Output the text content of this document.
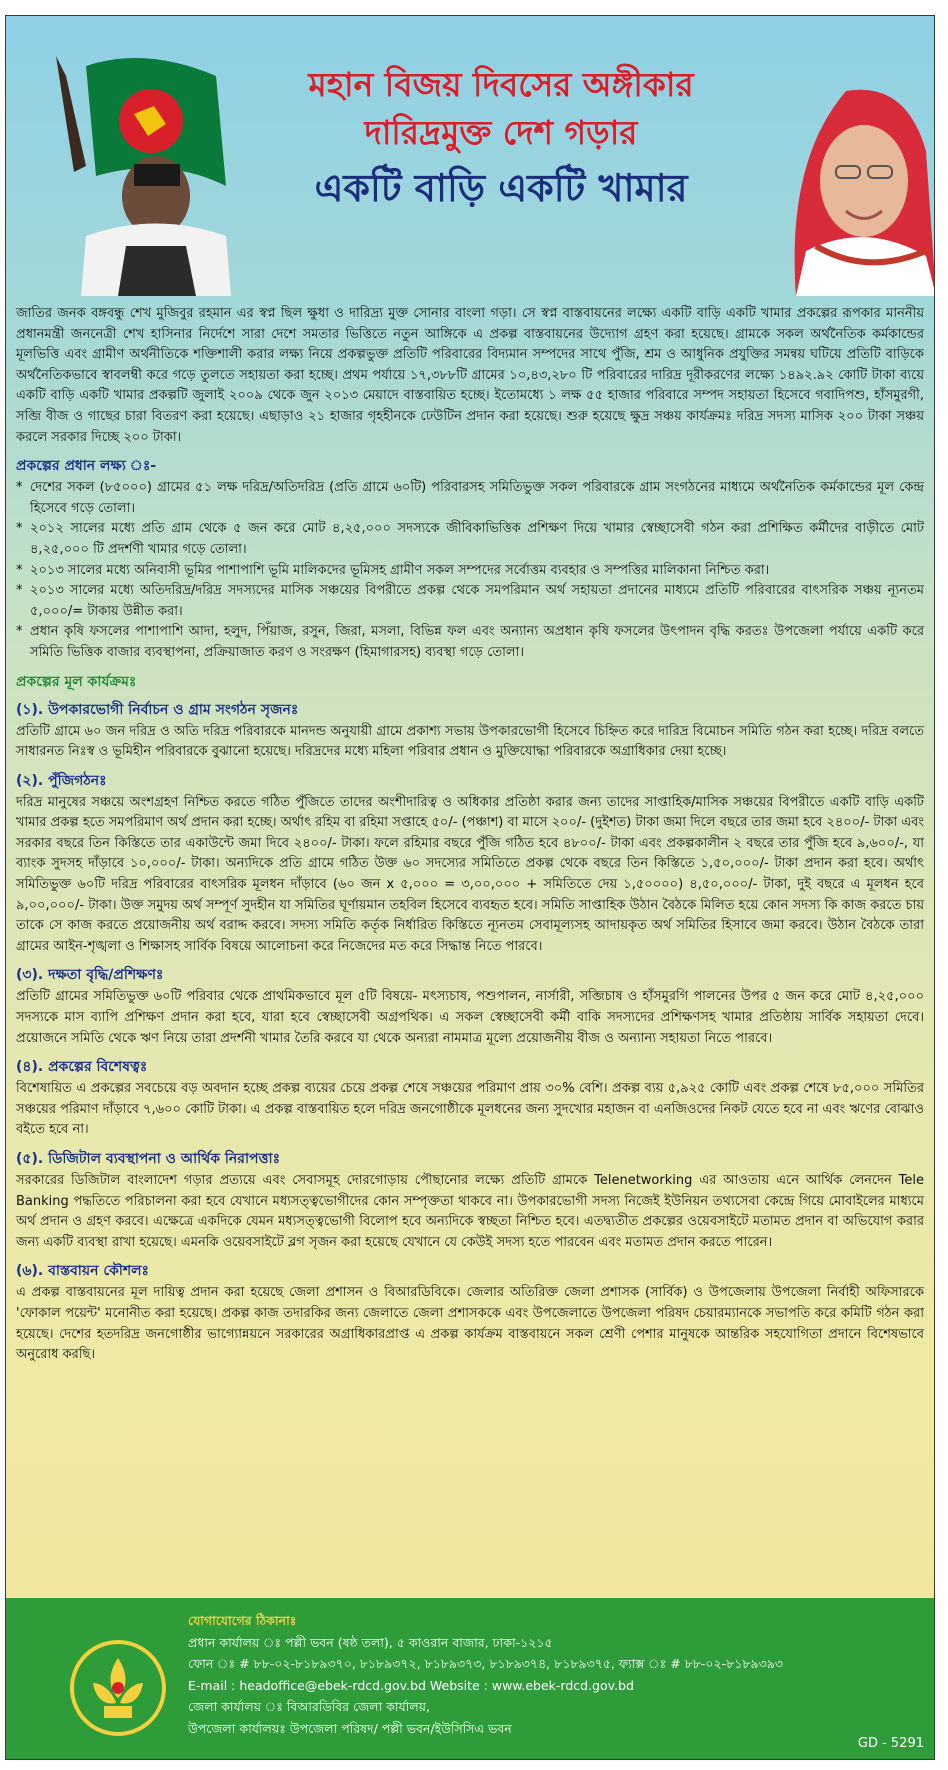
মহান বিজয় দিবসের অঙ্গীকার
দারিদ্রমুক্ত দেশ গড়ার
একটি বাড়ি একটি খামার

জাতির জনক বঙ্গবন্ধু শেখ মুজিবুর রহমান এর স্বপ্ন ছিল ক্ষুধা ও দারিদ্র্য মুক্ত সোনার বাংলা গড়া। সে স্বপ্ন বাস্তবায়নের লক্ষ্যে একটি বাড়ি একটি খামার প্রকল্পের রূপকার মাননীয় প্রধানমন্ত্রী জননেত্রী শেখ হাসিনার নির্দেশে সারা দেশে সমতার ভিত্তিতে নতুন আঙ্গিকে এ প্রকল্প বাস্তবায়নের উদ্যোগ গ্রহণ করা হয়েছে। গ্রামকে সকল অর্থনৈতিক কর্মকান্ডের মূলভিত্তি এবং গ্রামীণ অর্থনীতিকে শক্তিশালী করার লক্ষ্য নিয়ে প্রকল্পভুক্ত প্রতিটি পরিবারের বিদ্যমান সম্পদের সাথে পুঁজি, শ্রম ও আধুনিক প্রযুক্তির সমন্বয় ঘটিয়ে প্রতিটি বাড়িকে অর্থনৈতিকভাবে স্বাবলম্বী করে গড়ে তুলতে সহায়তা করা হচ্ছে। প্রথম পর্যায়ে ১৭,৩৮৮টি গ্রামের ১০,৪৩,২৮০ টি পরিবারের দারিদ্র দূরীকরণের লক্ষ্যে ১৪৯২.৯২ কোটি টাকা ব্যয়ে একটি বাড়ি একটি খামার প্রকল্পটি জুলাই ২০০৯ থেকে জুন ২০১৩ মেয়াদে বাস্তবায়িত হচ্ছে। ইতোমধ্যে ১ লক্ষ ৫৫ হাজার পরিবারে সম্পদ সহায়তা হিসেবে গবাদিপশু, হাঁসমুরগী, সব্জি বীজ ও গাছের চারা বিতরণ করা হয়েছে। এছাড়াও ২১ হাজার গৃহহীনকে ঢেউটিন প্রদান করা হয়েছে। শুরু হয়েছে ক্ষুদ্র সঞ্চয় কার্যক্রমঃ দরিদ্র সদস্য মাসিক ২০০ টাকা সঞ্চয় করলে সরকার দিচ্ছে ২০০ টাকা।

প্রকল্পের প্রধান লক্ষ্য ঃ-
* দেশের সকল (৮৫০০০) গ্রামের ৫১ লক্ষ দরিদ্র/অতিদরিদ্র (প্রতি গ্রামে ৬০টি) পরিবারসহ সমিতিভুক্ত সকল পরিবারকে গ্রাম সংগঠনের মাধ্যমে অর্থনৈতিক কর্মকান্ডের মূল কেন্দ্র হিসেবে গড়ে তোলা।
* ২০১২ সালের মধ্যে প্রতি গ্রাম থেকে ৫ জন করে মোট ৪,২৫,০০০ সদস্যকে জীবিকাভিত্তিক প্রশিক্ষণ দিয়ে খামার স্বেচ্ছাসেবী গঠন করা প্রশিক্ষিত কর্মীদের বাড়ীতে মোট ৪,২৫,০০০ টি প্রদর্শণী খামার গড়ে তোলা।
* ২০১৩ সালের মধ্যে অনিবাসী ভূমির পাশাপাশি ভূমি মালিকদের ভূমিসহ গ্রামীণ সকল সম্পদের সর্বোত্তম ব্যবহার ও সম্পত্তির মালিকানা নিশ্চিত করা।
* ২০১৩ সালের মধ্যে অতিদরিদ্র/দরিদ্র সদস্যদের মাসিক সঞ্চয়ের বিপরীতে প্রকল্প থেকে সমপরিমান অর্থ সহায়তা প্রদানের মাধ্যমে প্রতিটি পরিবারের বাৎসরিক সঞ্চয় ন্যূনতম ৫,০০০/= টাকায় উন্নীত করা।
* প্রধান কৃষি ফসলের পাশাপাশি আদা, হলুদ, পিঁয়াজ, রসুন, জিরা, মসলা, বিভিন্ন ফল এবং অন্যান্য অপ্রধান কৃষি ফসলের উৎপাদন বৃদ্ধি করতঃ উপজেলা পর্যায়ে একটি করে সমিতি ভিত্তিক বাজার ব্যবস্থাপনা, প্রক্রিয়াজাত করণ ও সংরক্ষণ (হিমাগারসহ) ব্যবস্থা গড়ে তোলা।
প্রকল্পের মূল কার্যক্রমঃ
(১). উপকারভোগী নির্বাচন ও গ্রাম সংগঠন সৃজনঃ

প্রতিটি গ্রামে ৬০ জন দরিদ্র ও অতি দরিদ্র পরিবারকে মানদন্ড অনুযায়ী গ্রামে প্রকাশ্য সভায় উপকারভোগী হিসেবে চিহ্নিত করে দারিদ্র বিমোচন সমিতি গঠন করা হচ্ছে। দরিদ্র বলতে সাধারনত নিঃস্ব ও ভূমিহীন পরিবারকে বুঝানো হয়েছে। দরিদ্রদের মধ্যে মহিলা পরিবার প্রধান ও মুক্তিযোদ্ধা পরিবারকে অগ্রাধিকার দেয়া হচ্ছে।

(২). পুঁজিগঠনঃ

দরিদ্র মানুষের সঞ্চয়ে অংশগ্রহণ নিশ্চিত করতে গঠিত পুঁজিতে তাদের অংশীদারিত্ব ও অধিকার প্রতিষ্ঠা করার জন্য তাদের সাপ্তাহিক/মাসিক সঞ্চয়ের বিপরীতে একটি বাড়ি একটি খামার প্রকল্প হতে সমপরিমাণ অর্থ প্রদান করা হচ্ছে। অর্থাৎ রহিম বা রহিমা সপ্তাহে ৫০/- (পঞ্চাশ) বা মাসে ২০০/- (দুইশত) টাকা জমা দিলে বছরে তার জমা হবে ২৪০০/- টাকা এবং সরকার বছরে তিন কিস্তিতে তার একাউন্টে জমা দিবে ২৪০০/- টাকা। ফলে রহিমার বছরে পুঁজি গঠিত হবে ৪৮০০/- টাকা এবং প্রকল্পকালীন ২ বছরে তার পুঁজি হবে ৯,৬০০/-, যা ব্যাংক সুদসহ দাঁড়াবে ১০,০০০/- টাকা। অন্যদিকে প্রতি গ্রামে গঠিত উক্ত ৬০ সদস্যের সমিতিতে প্রকল্প থেকে বছরে তিন কিস্তিতে ১,৫০,০০০/- টাকা প্রদান করা হবে। অর্থাৎ সমিতিভুক্ত ৬০টি দরিদ্র পরিবারের বাৎসরিক মূলধন দাঁড়াবে (৬০ জন x ৫,০০০ = ৩,০০,০০০ + সমিতিতে দেয় ১,৫০০০০) ৪,৫০,০০০/- টাকা, দুই বছরে এ মূলধন হবে ৯,০০,০০০/- টাকা। উক্ত সমুদয় অর্থ সম্পূর্ণ সুদহীন যা সমিতির ঘূর্ণায়মান তহবিল হিসেবে ব্যবহৃত হবে। সমিতি সাপ্তাহিক উঠান বৈঠকে মিলিত হয়ে কোন সদস্য কি কাজ করতে চায় তাকে সে কাজ করতে প্রয়োজনীয় অর্থ বরাদ্দ করবে। সদস্য সমিতি কর্তৃক নির্ধারিত কিস্তিতে ন্যূনতম সেবামূল্যসহ আদায়কৃত অর্থ সমিতির হিসাবে জমা করবে। উঠান বৈঠকে তারা গ্রামের আইন-শৃঙ্খলা ও শিক্ষাসহ সার্বিক বিষয়ে আলোচনা করে নিজেদের মত করে সিদ্ধান্ত নিতে পারবে।

(৩). দক্ষতা বৃদ্ধি/প্রশিক্ষণঃ

প্রতিটি গ্রামের সমিতিভুক্ত ৬০টি পরিবার থেকে প্রাথমিকভাবে মূল ৫টি বিষয়ে- মৎস্যচাষ, পশুপালন, নার্সারী, সব্জিচাষ ও হাঁসমুরগি পালনের উপর ৫ জন করে মোট ৪,২৫,০০০ সদস্যকে মাস ব্যাপি প্রশিক্ষণ প্রদান করা হবে, যারা হবে স্বেচ্ছাসেবী অগ্রপথিক। এ সকল স্বেচ্ছাসেবী কর্মী বাকি সদস্যদের প্রশিক্ষণসহ খামার প্রতিষ্ঠায় সার্বিক সহায়তা দেবে। প্রয়োজনে সমিতি থেকে ঋণ নিয়ে তারা প্রদর্শনী খামার তৈরি করবে যা থেকে অন্যরা নামমাত্র মূল্যে প্রয়োজনীয় বীজ ও অন্যান্য সহায়তা নিতে পারবে।

(৪). প্রকল্পের বিশেষত্বঃ

বিশেষায়িত এ প্রকল্পের সবচেয়ে বড় অবদান হচ্ছে প্রকল্প ব্যয়ের চেয়ে প্রকল্প শেষে সঞ্চয়ের পরিমাণ প্রায় ৩০% বেশি। প্রকল্প ব্যয় ৫,৯২৫ কোটি এবং প্রকল্প শেষে ৮৫,০০০ সমিতির সঞ্চয়ের পরিমাণ দাঁড়াবে ৭,৬০০ কোটি টাকা। এ প্রকল্প বাস্তবায়িত হলে দরিদ্র জনগোষ্ঠীকে মূলধনের জন্য সুদখোর মহাজন বা এনজিওদের নিকট যেতে হবে না এবং ঋণের বোঝাও বইতে হবে না।

(৫). ডিজিটাল ব্যবস্থাপনা ও আর্থিক নিরাপত্তাঃ

সরকারের ডিজিটাল বাংলাদেশ গড়ার প্রত্যয়ে এবং সেবাসমূহ দোরগোড়ায় পৌছানোর লক্ষ্যে প্রতিটি গ্রামকে Telenetworking এর আওতায় এনে আর্থিক লেনদেন Tele Banking পদ্ধতিতে পরিচালনা করা হবে যেখানে মধ্যসত্ত্বভোগীদের কোন সম্পৃক্ততা থাকবে না। উপকারভোগী সদস্য নিজেই ইউনিয়ন তথ্যসেবা কেন্দ্রে গিয়ে মোবাইলের মাধ্যমে অর্থ প্রদান ও গ্রহণ করবে। এক্ষেত্রে একদিকে যেমন মধ্যসত্ত্বভোগী বিলোপ হবে অন্যদিকে স্বচ্ছতা নিশ্চিত হবে। এতদ্ব্যতীত প্রকল্পের ওয়েবসাইটে মতামত প্রদান বা অভিযোগ করার জন্য একটি ব্যবস্থা রাখা হয়েছে। এমনকি ওয়েবসাইটে ব্লগ সৃজন করা হয়েছে যেখানে যে কেউই সদস্য হতে পারবেন এবং মতামত প্রদান করতে পারেন।

(৬). বাস্তবায়ন কৌশলঃ

এ প্রকল্প বাস্তবায়নের মূল দায়িত্ব প্রদান করা হয়েছে জেলা প্রশাসন ও বিআরডিবিকে। জেলার অতিরিক্ত জেলা প্রশাসক (সার্বিক) ও উপজেলায় উপজেলা নির্বাহী অফিসারকে 'ফোকাল পয়েন্ট' মনোনীত করা হয়েছে। প্রকল্প কাজ তদারকির জন্য জেলাতে জেলা প্রশাসককে এবং উপজেলাতে উপজেলা পরিষদ চেয়ারম্যানকে সভাপতি করে কমিটি গঠন করা হয়েছে। দেশের হতদরিদ্র জনগোষ্ঠীর ভাগ্যোন্নয়নে সরকারের অগ্রাধিকারপ্রাপ্ত এ প্রকল্প কার্যক্রম বাস্তবায়নে সকল শ্রেণী পেশার মানুষকে আন্তরিক সহযোগিতা প্রদানে বিশেষভাবে অনুরোধ করছি।

যোগাযোগের ঠিকানাঃ
প্রধান কার্যালয় ঃ পল্লী ভবন (ষষ্ঠ তলা), ৫ কাওরান বাজার, ঢাকা-১২১৫
ফোন ঃ # ৮৮-০২-৮১৮৯৩৭০, ৮১৮৯৩৭২, ৮১৮৯৩৭৩, ৮১৮৯৩৭৪, ৮১৮৯৩৭৫, ফ্যাক্স ঃ # ৮৮-০২-৮১৮৯৩৯৩
E-mail : headoffice@ebek-rdcd.gov.bd Website : www.ebek-rdcd.gov.bd
জেলা কার্যালয় ঃ বিআরডিবির জেলা কার্যালয়,
উপজেলা কার্যালয়ঃ উপজেলা পরিষদ/ পল্লী ভবন/ইউসিসিএ ভবন
GD - 5291
